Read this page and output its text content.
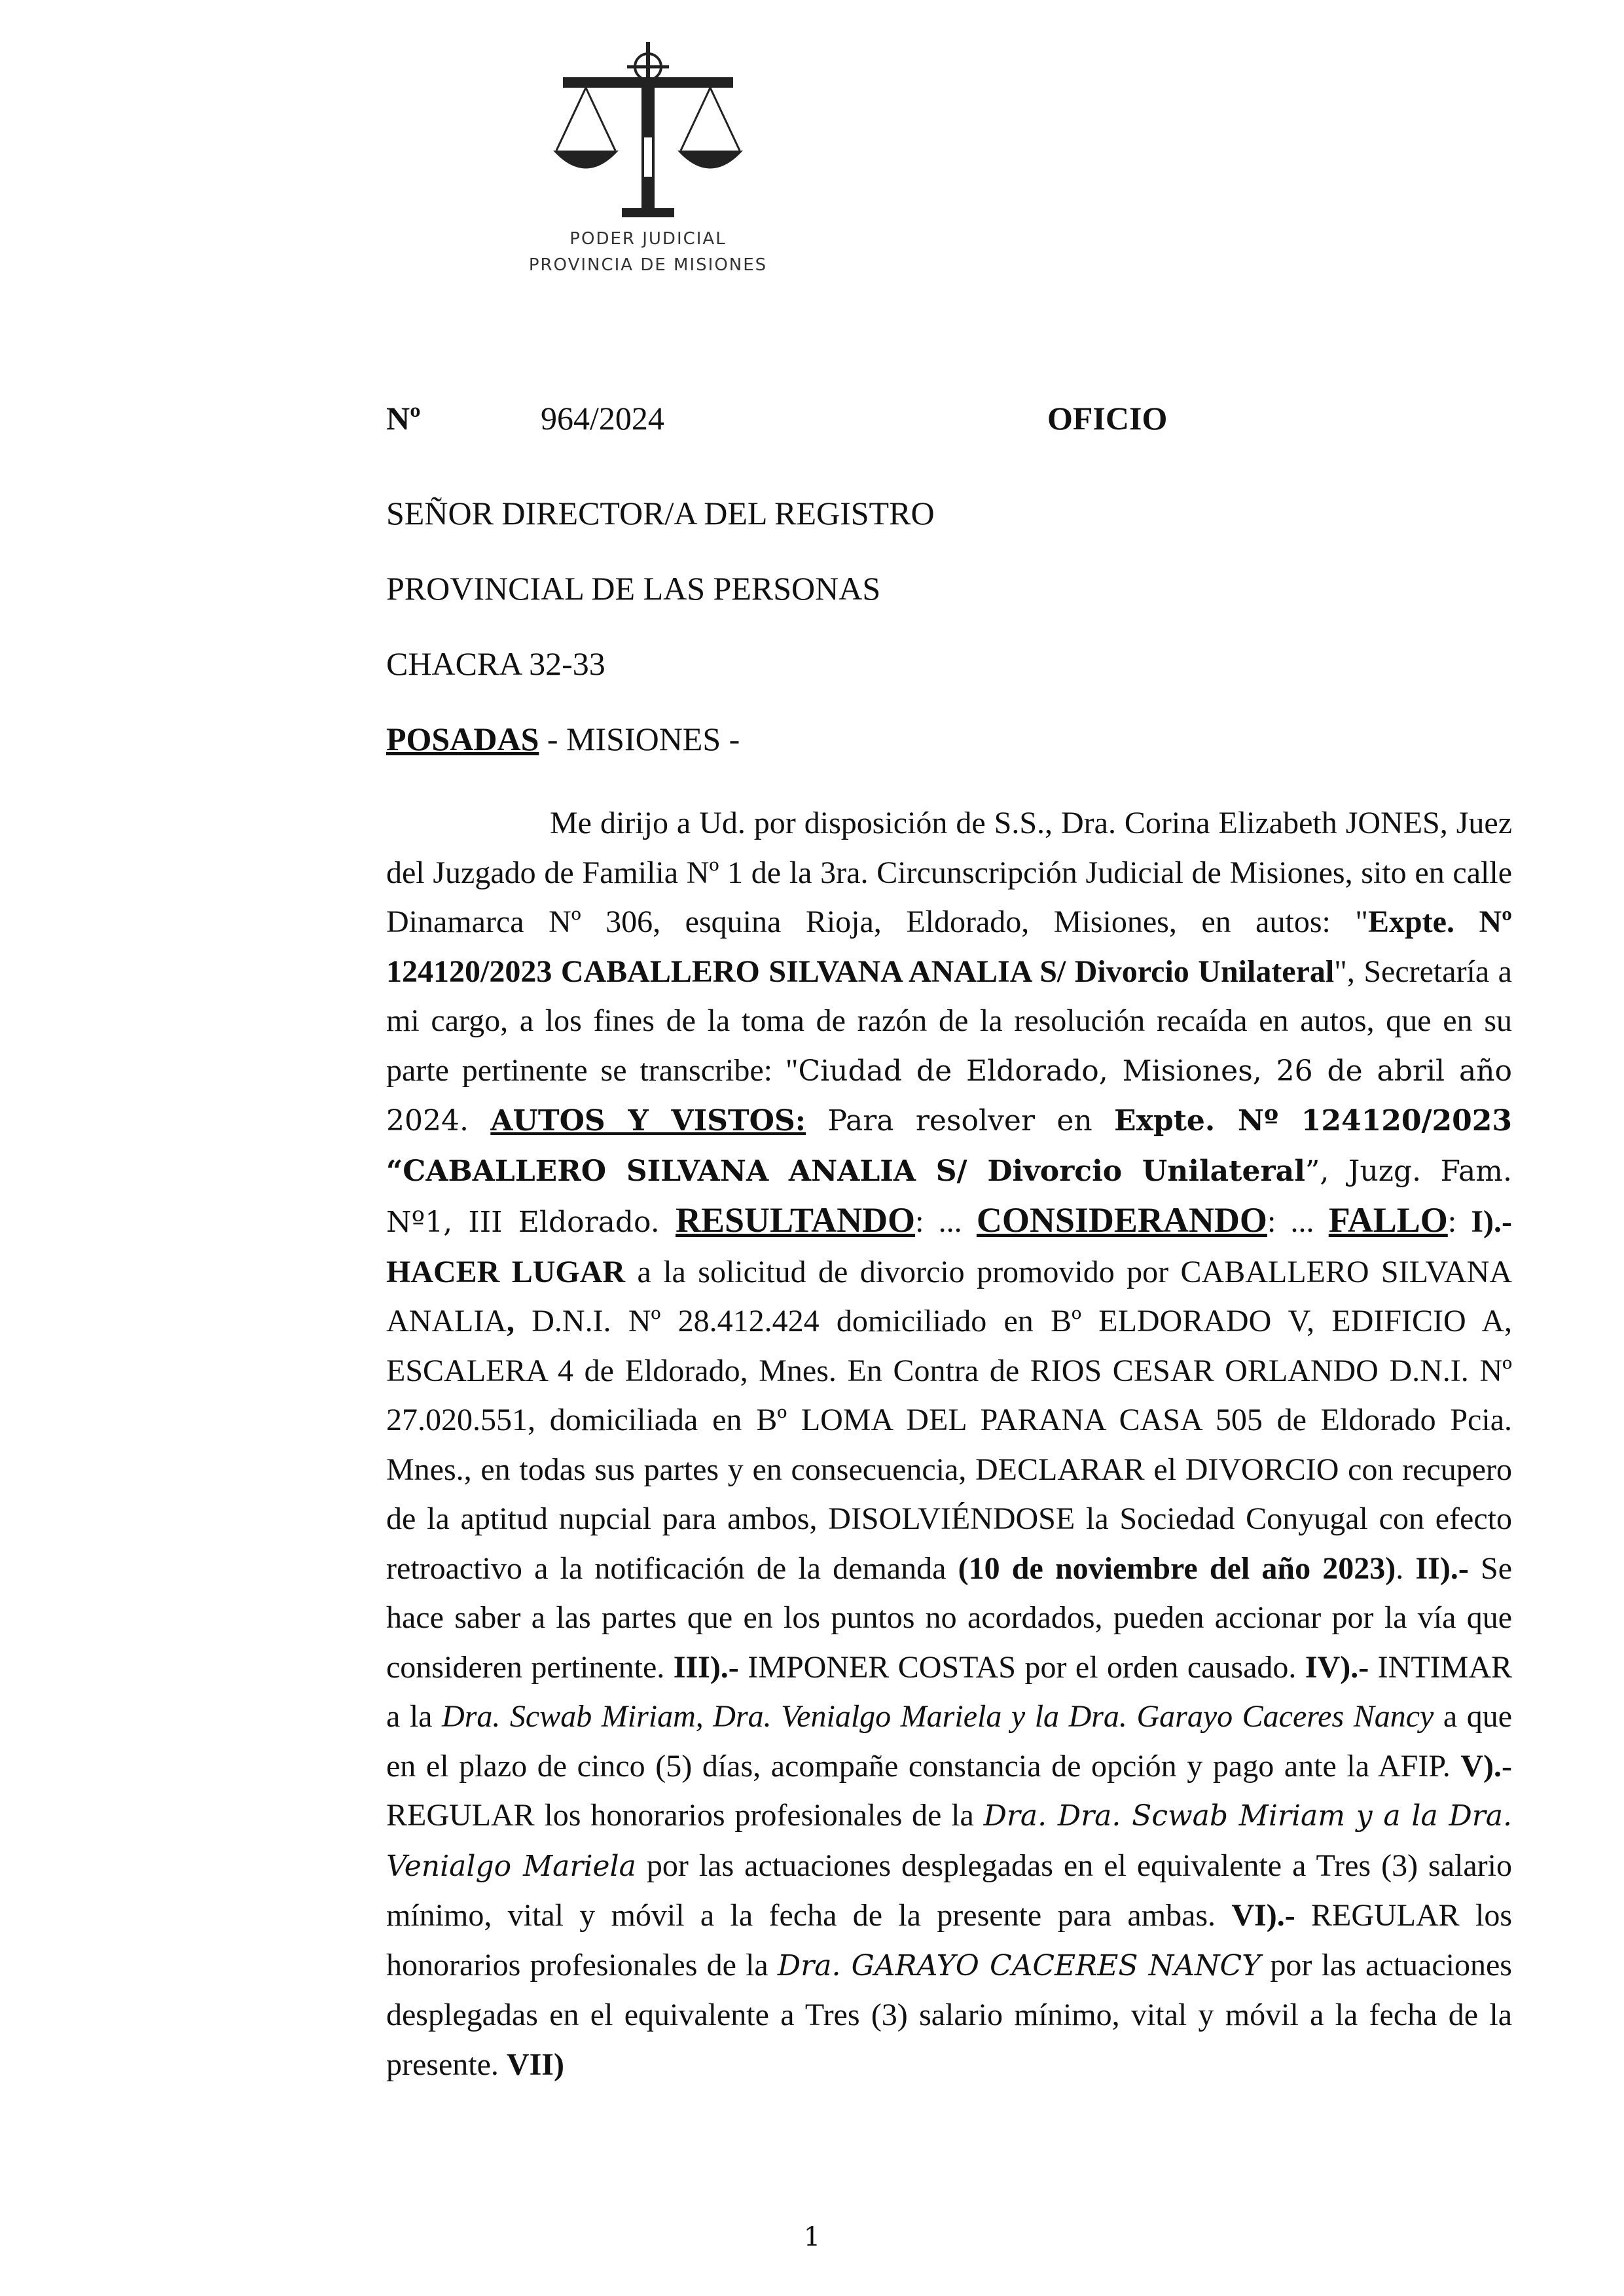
PODER JUDICIAL
PROVINCIA DE MISIONES
Nº	964/2024	OFICIO
SEÑOR DIRECTOR/A DEL REGISTRO
PROVINCIAL DE LAS PERSONAS
CHACRA 32-33
POSADAS - MISIONES -
Me dirijo a Ud. por disposición de S.S., Dra. Corina Elizabeth JONES, Juez del Juzgado de Familia Nº 1 de la 3ra. Circunscripción Judicial de Misiones, sito en calle Dinamarca Nº 306, esquina Rioja, Eldorado, Misiones, en autos: "Expte. Nº 124120/2023 CABALLERO SILVANA ANALIA S/ Divorcio Unilateral", Secretaría a mi cargo, a los fines de la toma de razón de la resolución recaída en autos, que en su parte pertinente se transcribe: "Ciudad de Eldorado, Misiones, 26 de abril año 2024. AUTOS Y VISTOS: Para resolver en Expte. Nº 124120/2023 “CABALLERO SILVANA ANALIA S/ Divorcio Unilateral”, Juzg. Fam. Nº1, III Eldorado. RESULTANDO: ... CONSIDERANDO: ... FALLO: I).- HACER LUGAR a la solicitud de divorcio promovido por CABALLERO SILVANA ANALIA, D.N.I. Nº 28.412.424 domiciliado en Bº ELDORADO V, EDIFICIO A, ESCALERA 4 de Eldorado, Mnes. En Contra de RIOS CESAR ORLANDO D.N.I. Nº 27.020.551, domiciliada en Bº LOMA DEL PARANA CASA 505 de Eldorado Pcia. Mnes., en todas sus partes y en consecuencia, DECLARAR el DIVORCIO con recupero de la aptitud nupcial para ambos, DISOLVIÉNDOSE la Sociedad Conyugal con efecto retroactivo a la notificación de la demanda (10 de noviembre del año 2023). II).- Se hace saber a las partes que en los puntos no acordados, pueden accionar por la vía que consideren pertinente. III).- IMPONER COSTAS por el orden causado. IV).- INTIMAR a la Dra. Scwab Miriam, Dra. Venialgo Mariela y la Dra. Garayo Caceres Nancy a que en el plazo de cinco (5) días, acompañe constancia de opción y pago ante la AFIP. V).- REGULAR los honorarios profesionales de la Dra. Dra. Scwab Miriam y a la Dra. Venialgo Mariela por las actuaciones desplegadas en el equivalente a Tres (3) salario mínimo, vital y móvil a la fecha de la presente para ambas. VI).- REGULAR los honorarios profesionales de la Dra. GARAYO CACERES NANCY por las actuaciones desplegadas en el equivalente a Tres (3) salario mínimo, vital y móvil a la fecha de la presente. VII)
1
